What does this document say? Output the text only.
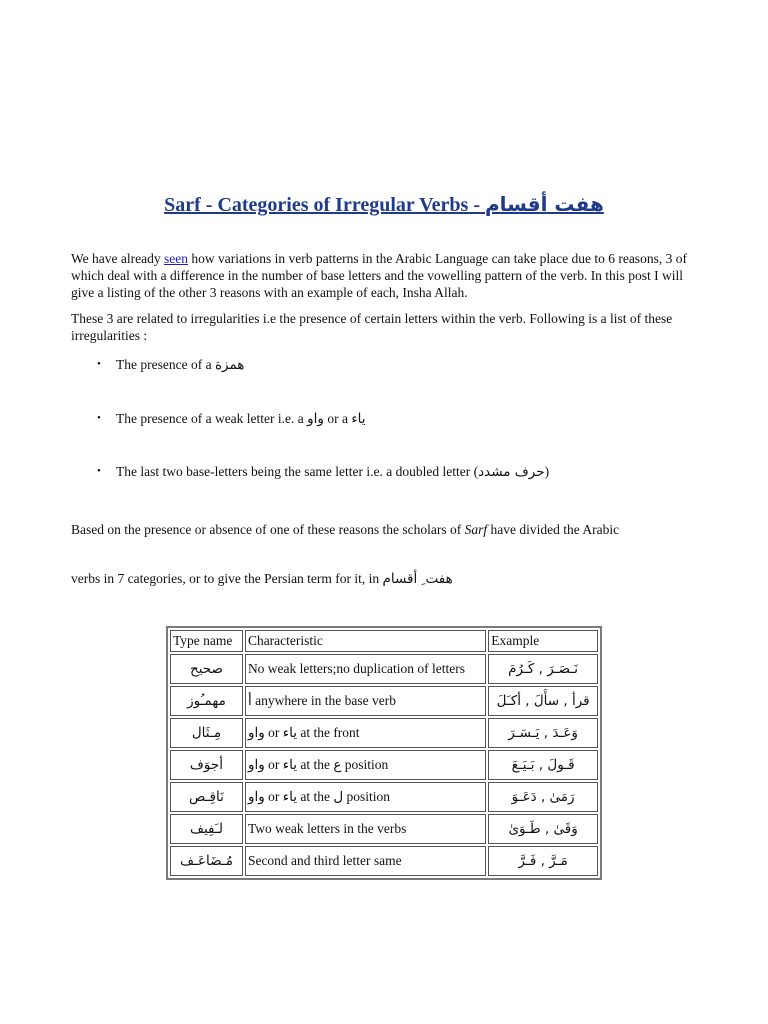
Sarf - Categories of Irregular Verbs - هفت أقسام

We have already seen how variations in verb patterns in the Arabic Language can take place due to 6 reasons, 3 of which deal with a difference in the number of base letters and the vowelling pattern of the verb. In this post I will give a listing of the other 3 reasons with an example of each, Insha Allah.

These 3 are related to irregularities i.e the presence of certain letters within the verb. Following is a list of these irregularities :

• The presence of a همزة
• The presence of a weak letter i.e. a واو or a ياء
• The last two base-letters being the same letter i.e. a doubled letter (حرف مشدد)

Based on the presence or absence of one of these reasons the scholars of Sarf have divided the Arabic

verbs in 7 categories, or to give the Persian term for it, in هفت ِ أقسام

Type name	Characteristic	Example
صحيح	No weak letters;no duplication of letters	نَـصَـرَ , كَـرُمَ
مهمـُوز	أ anywhere in the base verb	قرأ , سأَلَ , أكـَلَ
مِـثَال	واو or ياء at the front	وَعَـدَ , يَـسَـرَ
أجوَف	واو or ياء at the ع position	قَـولَ , بَـيَـعَ
نَاقِـص	واو or ياء at the ل position	رَمَىٰ , دَعَـوَ
لـَفِيف	Two weak letters in the verbs	وَقَىٰ , طَـوَىٰ
مُـضَاعَـف	Second and third letter same	مَـرَّ , فَـرَّ
